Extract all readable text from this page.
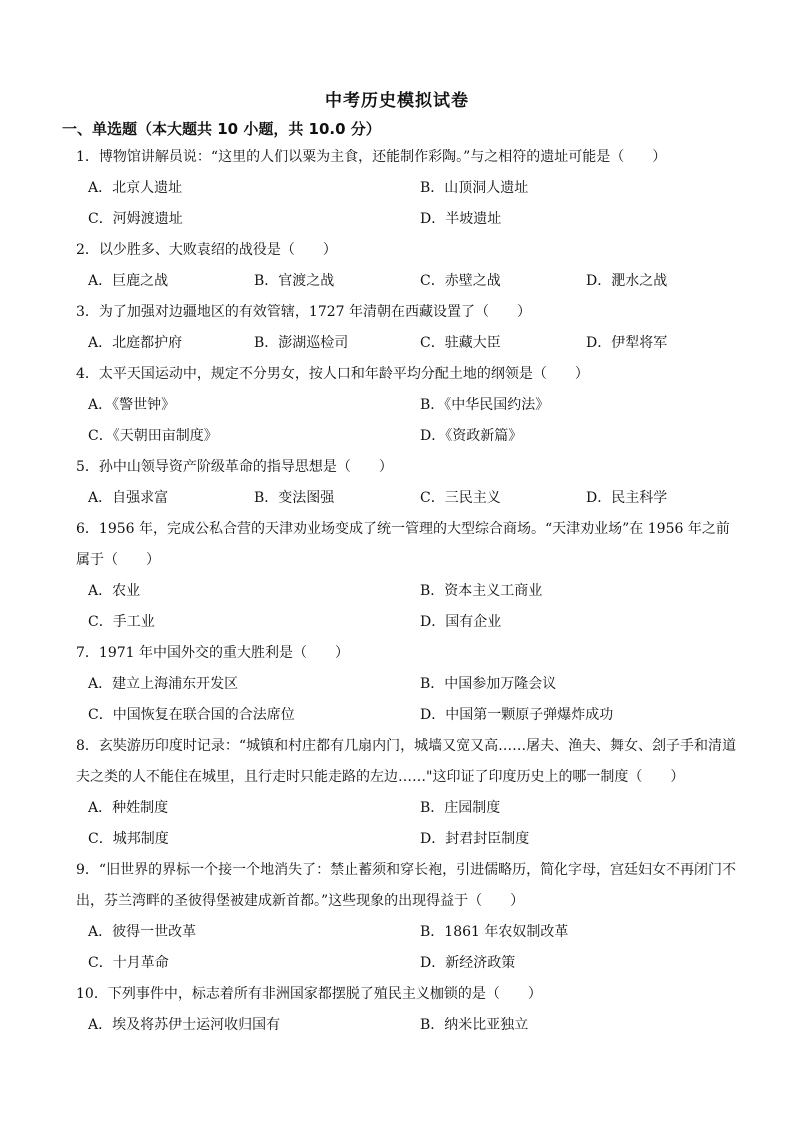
中考历史模拟试卷
一、单选题（本大题共 10 小题，共 10.0 分）
1．博物馆讲解员说：“这里的人们以粟为主食，还能制作彩陶。”与之相符的遗址可能是（　　）
A．北京人遗址	B．山顶洞人遗址
C．河姆渡遗址	D．半坡遗址
2．以少胜多、大败袁绍的战役是（　　）
A．巨鹿之战	B．官渡之战	C．赤壁之战	D．淝水之战
3．为了加强对边疆地区的有效管辖，1727 年清朝在西藏设置了（　　）
A．北庭都护府	B．澎湖巡检司	C．驻藏大臣	D．伊犁将军
4．太平天国运动中，规定不分男女，按人口和年龄平均分配土地的纲领是（　　）
A．《警世钟》	B．《中华民国约法》
C．《天朝田亩制度》	D．《资政新篇》
5．孙中山领导资产阶级革命的指导思想是（　　）
A．自强求富	B．变法图强	C．三民主义	D．民主科学
6．1956 年，完成公私合营的天津劝业场变成了统一管理的大型综合商场。“天津劝业场”在 1956 年之前属于（　　）
A．农业	B．资本主义工商业
C．手工业	D．国有企业
7．1971 年中国外交的重大胜利是（　　）
A．建立上海浦东开发区	B．中国参加万隆会议
C．中国恢复在联合国的合法席位	D．中国第一颗原子弹爆炸成功
8．玄奘游历印度时记录：“城镇和村庄都有几扇内门，城墙又宽又高……屠夫、渔夫、舞女、刽子手和清道夫之类的人不能住在城里，且行走时只能走路的左边……"这印证了印度历史上的哪一制度（　　）
A．种姓制度	B．庄园制度
C．城邦制度	D．封君封臣制度
9．“旧世界的界标一个接一个地消失了：禁止蓄须和穿长袍，引进儒略历，简化字母，宫廷妇女不再闭门不出，芬兰湾畔的圣彼得堡被建成新首都。”这些现象的出现得益于（　　）
A．彼得一世改革	B．1861 年农奴制改革
C．十月革命	D．新经济政策
10．下列事件中，标志着所有非洲国家都摆脱了殖民主义枷锁的是（　　）
A．埃及将苏伊士运河收归国有	B．纳米比亚独立
